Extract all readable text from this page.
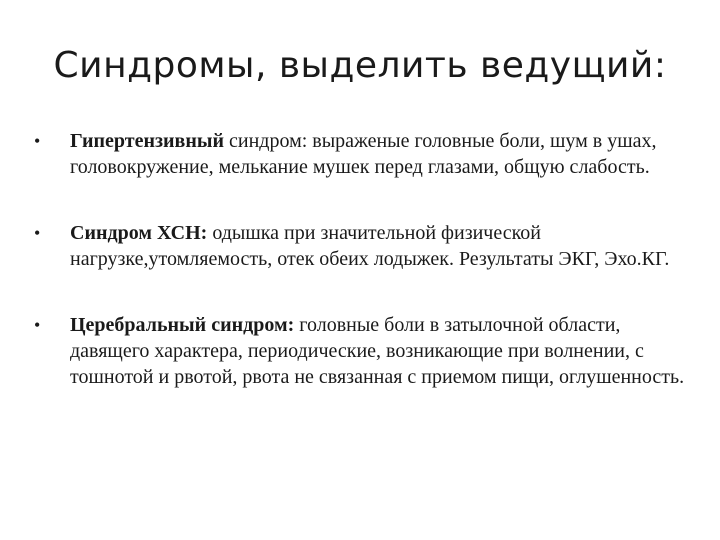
Синдромы, выделить ведущий:
• Гипертензивный синдром: выраженые головные боли, шум в ушах, головокружение, мелькание мушек перед глазами, общую слабость.
• Синдром ХСН: одышка при значительной физической нагрузке,утомляемость, отек обеих лодыжек. Результаты ЭКГ, Эхо.КГ.
• Церебральный синдром: головные боли в затылочной области, давящего характера, периодические, возникающие при волнении, с тошнотой и рвотой, рвота не связанная с приемом пищи, оглушенность.
